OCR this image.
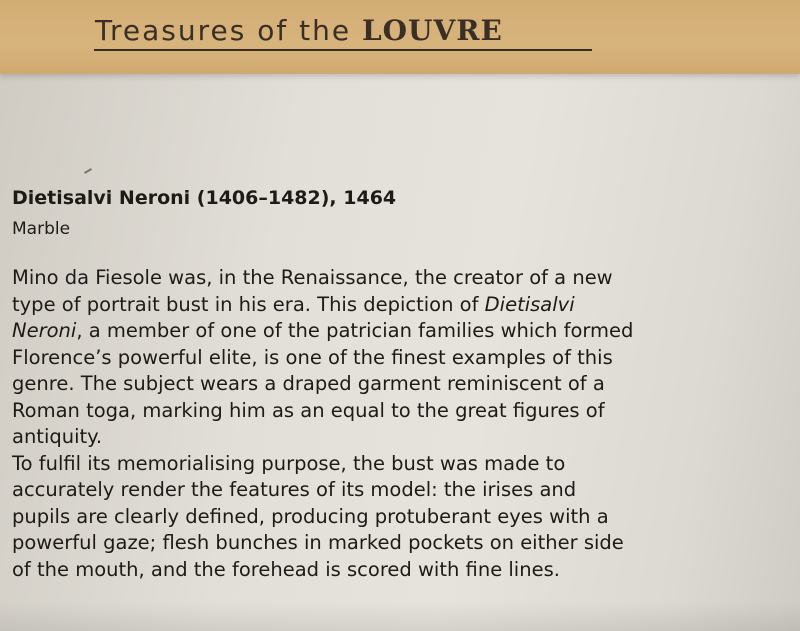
Treasures of the LOUVRE
Dietisalvi Neroni (1406–1482), 1464

Marble

Mino da Fiesole was, in the Renaissance, the creator of a new
type of portrait bust in his era. This depiction of Dietisalvi
Neroni, a member of one of the patrician families which formed
Florence’s powerful elite, is one of the finest examples of this
genre. The subject wears a draped garment reminiscent of a
Roman toga, marking him as an equal to the great figures of
antiquity.

To fulfil its memorialising purpose, the bust was made to
accurately render the features of its model: the irises and
pupils are clearly defined, producing protuberant eyes with a
powerful gaze; flesh bunches in marked pockets on either side
of the mouth, and the forehead is scored with fine lines.
